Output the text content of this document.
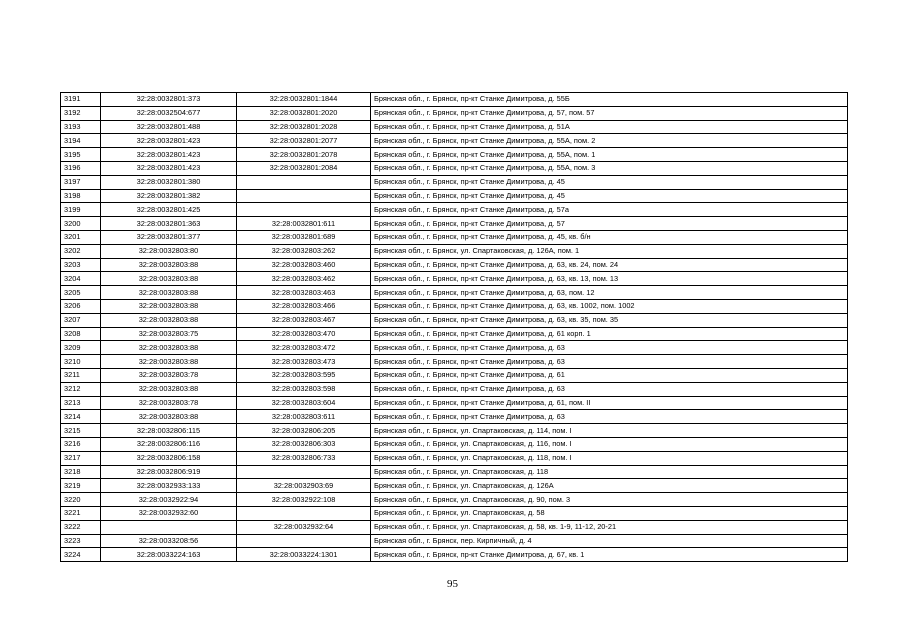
3191	32:28:0032801:373	32:28:0032801:1844	Брянская обл., г. Брянск, пр-кт Станке Димитрова, д. 55Б
3192	32:28:0032504:677	32:28:0032801:2020	Брянская обл., г. Брянск, пр-кт Станке Димитрова, д. 57, пом. 57
3193	32:28:0032801:488	32:28:0032801:2028	Брянская обл., г. Брянск, пр-кт Станке Димитрова, д. 51А
3194	32:28:0032801:423	32:28:0032801:2077	Брянская обл., г. Брянск, пр-кт Станке Димитрова, д. 55А, пом. 2
3195	32:28:0032801:423	32:28:0032801:2078	Брянская обл., г. Брянск, пр-кт Станке Димитрова, д. 55А, пом. 1
3196	32:28:0032801:423	32:28:0032801:2084	Брянская обл., г. Брянск, пр-кт Станке Димитрова, д. 55А, пом. 3
3197	32:28:0032801:380		Брянская обл., г. Брянск, пр-кт Станке Димитрова, д. 45
3198	32:28:0032801:382		Брянская обл., г. Брянск, пр-кт Станке Димитрова, д. 45
3199	32:28:0032801:425		Брянская обл., г. Брянск, пр-кт Станке Димитрова, д. 57а
3200	32:28:0032801:363	32:28:0032801:611	Брянская обл., г. Брянск, пр-кт Станке Димитрова, д. 57
3201	32:28:0032801:377	32:28:0032801:689	Брянская обл., г. Брянск, пр-кт Станке Димитрова, д. 45, кв. б/н
3202	32:28:0032803:80	32:28:0032803:262	Брянская обл., г. Брянск, ул. Спартаковская, д. 126А, пом. 1
3203	32:28:0032803:88	32:28:0032803:460	Брянская обл., г. Брянск, пр-кт Станке Димитрова, д. 63, кв. 24, пом. 24
3204	32:28:0032803:88	32:28:0032803:462	Брянская обл., г. Брянск, пр-кт Станке Димитрова, д. 63, кв. 13, пом. 13
3205	32:28:0032803:88	32:28:0032803:463	Брянская обл., г. Брянск, пр-кт Станке Димитрова, д. 63, пом. 12
3206	32:28:0032803:88	32:28:0032803:466	Брянская обл., г. Брянск, пр-кт Станке Димитрова, д. 63, кв. 1002, пом. 1002
3207	32:28:0032803:88	32:28:0032803:467	Брянская обл., г. Брянск, пр-кт Станке Димитрова, д. 63, кв. 35, пом. 35
3208	32:28:0032803:75	32:28:0032803:470	Брянская обл., г. Брянск, пр-кт Станке Димитрова, д. 61 корп. 1
3209	32:28:0032803:88	32:28:0032803:472	Брянская обл., г. Брянск, пр-кт Станке Димитрова, д. 63
3210	32:28:0032803:88	32:28:0032803:473	Брянская обл., г. Брянск, пр-кт Станке Димитрова, д. 63
3211	32:28:0032803:78	32:28:0032803:595	Брянская обл., г. Брянск, пр-кт Станке Димитрова, д. 61
3212	32:28:0032803:88	32:28:0032803:598	Брянская обл., г. Брянск, пр-кт Станке Димитрова, д. 63
3213	32:28:0032803:78	32:28:0032803:604	Брянская обл., г. Брянск, пр-кт Станке Димитрова, д. 61, пом. II
3214	32:28:0032803:88	32:28:0032803:611	Брянская обл., г. Брянск, пр-кт Станке Димитрова, д. 63
3215	32:28:0032806:115	32:28:0032806:205	Брянская обл., г. Брянск, ул. Спартаковская, д. 114, пом. I
3216	32:28:0032806:116	32:28:0032806:303	Брянская обл., г. Брянск, ул. Спартаковская, д. 116, пом. I
3217	32:28:0032806:158	32:28:0032806:733	Брянская обл., г. Брянск, ул. Спартаковская, д. 118, пом. I
3218	32:28:0032806:919		Брянская обл., г. Брянск, ул. Спартаковская, д. 118
3219	32:28:0032933:133	32:28:0032903:69	Брянская обл., г. Брянск, ул. Спартаковская, д. 126А
3220	32:28:0032922:94	32:28:0032922:108	Брянская обл., г. Брянск, ул. Спартаковская, д. 90, пом. 3
3221	32:28:0032932:60		Брянская обл., г. Брянск, ул. Спартаковская, д. 58
3222		32:28:0032932:64	Брянская обл., г. Брянск, ул. Спартаковская, д. 58, кв. 1-9, 11-12, 20-21
3223	32:28:0033208:56		Брянская обл., г. Брянск, пер. Кирпичный, д. 4
3224	32:28:0033224:163	32:28:0033224:1301	Брянская обл., г. Брянск, пр-кт Станке Димитрова, д. 67, кв. 1
95
